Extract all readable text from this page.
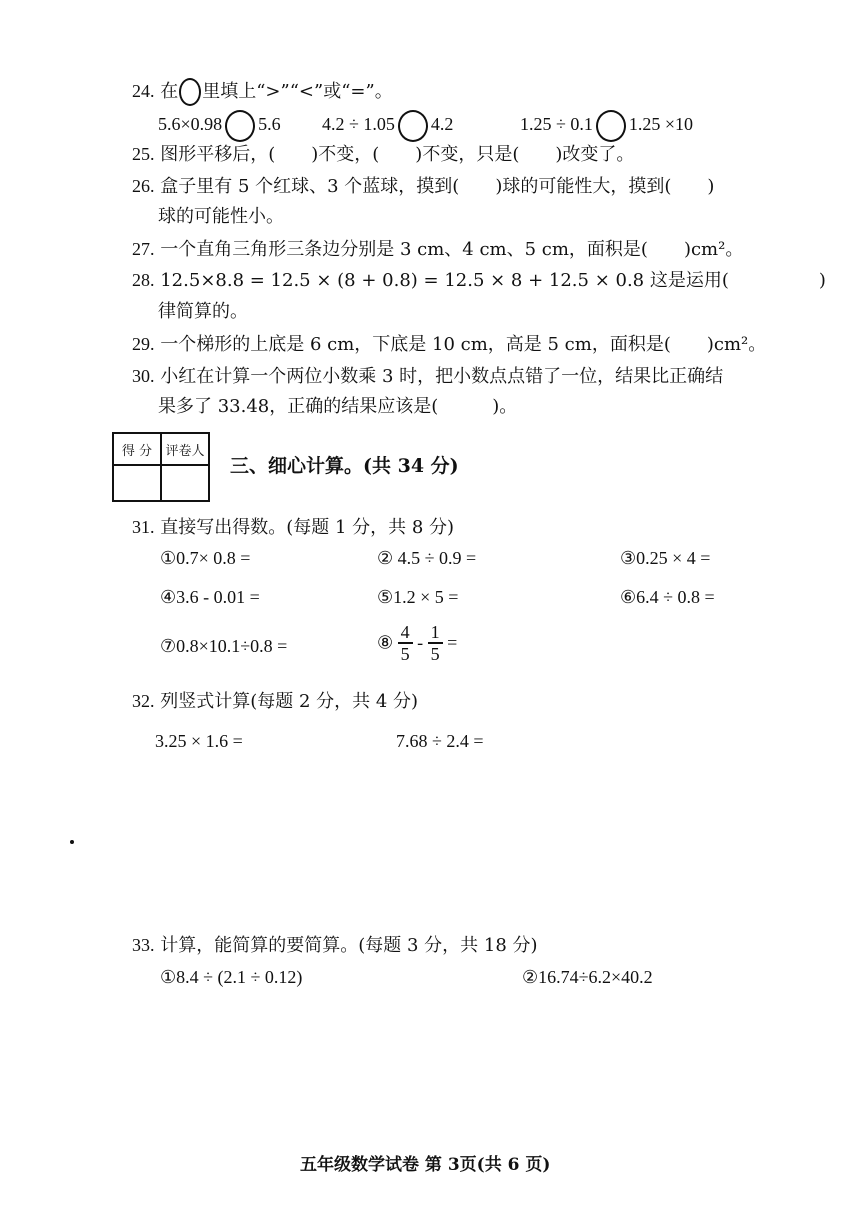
24. 在 里填上“>”“<”或“=”。
5.6×0.98 5.6 4.2 ÷ 1.05 4.2	1.25 ÷ 0.1 1.25 ×10
25. 图形平移后，(　　)不变，(　　)不变，只是(　　)改变了。
26. 盒子里有 5 个红球、3 个蓝球，摸到(　　)球的可能性大，摸到(　　)
球的可能性小。
27. 一个直角三角形三条边分别是 3 cm、4 cm、5 cm，面积是(　　)cm²。
28. 12.5×8.8 = 12.5 × (8 + 0.8) = 12.5 × 8 + 12.5 × 0.8 这是运用(　　　　　)
律简算的。
29. 一个梯形的上底是 6 cm，下底是 10 cm，高是 5 cm，面积是(　　)cm²。
30. 小红在计算一个两位小数乘 3 时，把小数点点错了一位，结果比正确结
果多了 33.48，正确的结果应该是(　　　)。
得 分	评卷人

三、细心计算。(共 34 分)
31. 直接写出得数。(每题 1 分，共 8 分)
①0.7× 0.8 =	② 4.5 ÷ 0.9 =	③0.25 × 4 =
④3.6 - 0.01 =	⑤1.2 × 5 =	⑥6.4 ÷ 0.8 =
⑦0.8×10.1÷0.8 =	⑧ $\frac{4}{5} - \frac{1}{5}$ =
32. 列竖式计算(每题 2 分，共 4 分)
3.25 × 1.6 =	7.68 ÷ 2.4 =
33. 计算，能简算的要简算。(每题 3 分，共 18 分)
①8.4 ÷ (2.1 ÷ 0.12)	②16.74÷6.2×40.2
五年级数学试卷 第 3页(共 6 页)
